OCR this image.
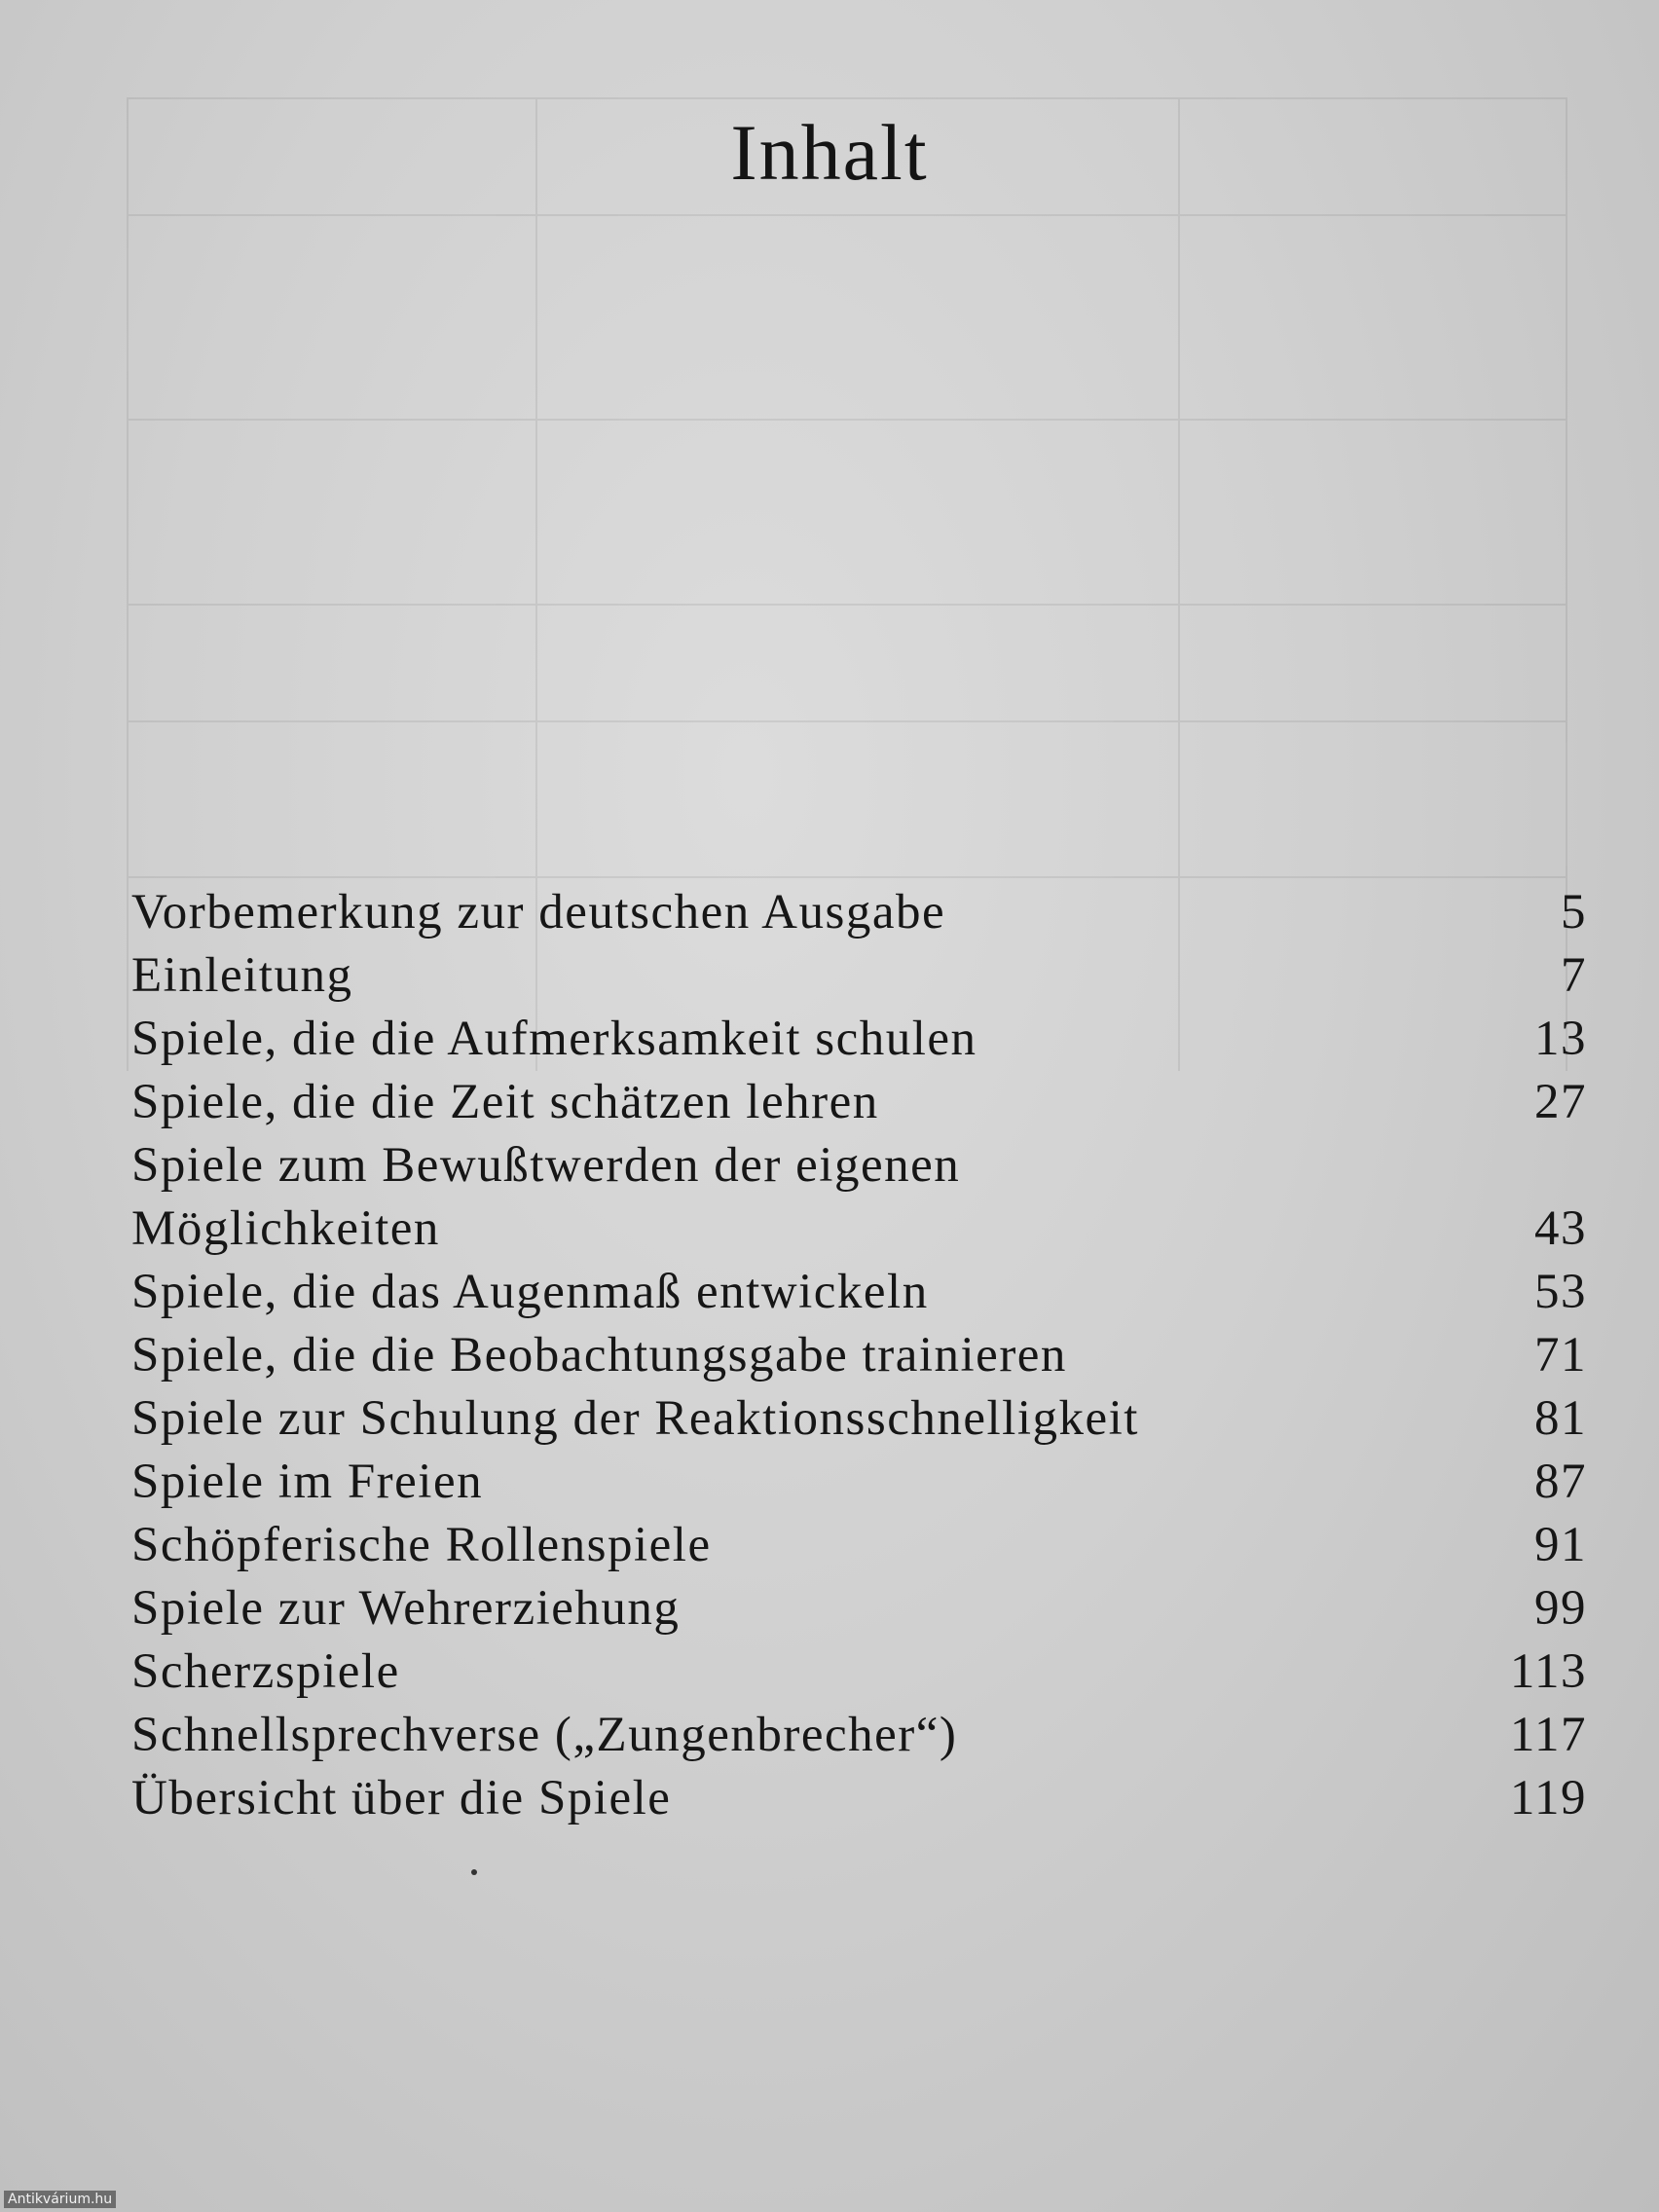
Inhalt
Vorbemerkung zur deutschen Ausgabe	5
Einleitung	7
Spiele, die die Aufmerksamkeit schulen	13
Spiele, die die Zeit schätzen lehren	27
Spiele zum Bewußtwerden der eigenen
Möglichkeiten	43
Spiele, die das Augenmaß entwickeln	53
Spiele, die die Beobachtungsgabe trainieren	71
Spiele zur Schulung der Reaktionsschnelligkeit	81
Spiele im Freien	87
Schöpferische Rollenspiele	91
Spiele zur Wehrerziehung	99
Scherzspiele	113
Schnellsprechverse („Zungenbrecher“)	117
Übersicht über die Spiele	119
Antikvárium.hu
